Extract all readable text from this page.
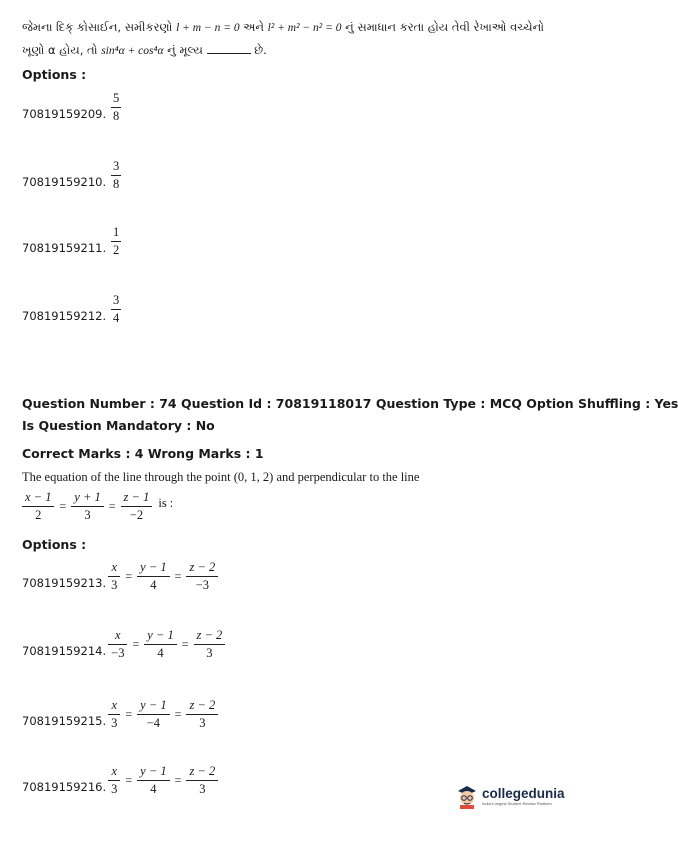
જેમના દિક્ કોસાઈન, સમીકરણો l + m − n = 0 અને l² + m² − n² = 0 નું સમાધાન કરતા હોય તેવી રેખાઓ વચ્ચેનો
ખૂણો α હોય, તો sin⁴α + cos⁴α નું મૂલ્ય	છે.
Options :
70819159209. $\frac{5}{8}$
70819159210. $\frac{3}{8}$
70819159211. $\frac{1}{2}$
70819159212. $\frac{3}{4}$
Question Number : 74 Question Id : 70819118017 Question Type : MCQ Option Shuffling : Yes
Is Question Mandatory : No
Correct Marks : 4 Wrong Marks : 1
The equation of the line through the point (0, 1, 2) and perpendicular to the line
$\frac{x - 1}{2} = \frac{y + 1}{3} = \frac{z - 1}{-2}$ is :
Options :
70819159213. $\frac{x}{3} = \frac{y - 1}{4} = \frac{z - 2}{-3}$
70819159214. $\frac{x}{-3} = \frac{y - 1}{4} = \frac{z - 2}{3}$
70819159215. $\frac{x}{3} = \frac{y - 1}{-4} = \frac{z - 2}{3}$
70819159216. $\frac{x}{3} = \frac{y - 1}{4} = \frac{z - 2}{3}$	collegedunia
India's largest Student Review Platform
